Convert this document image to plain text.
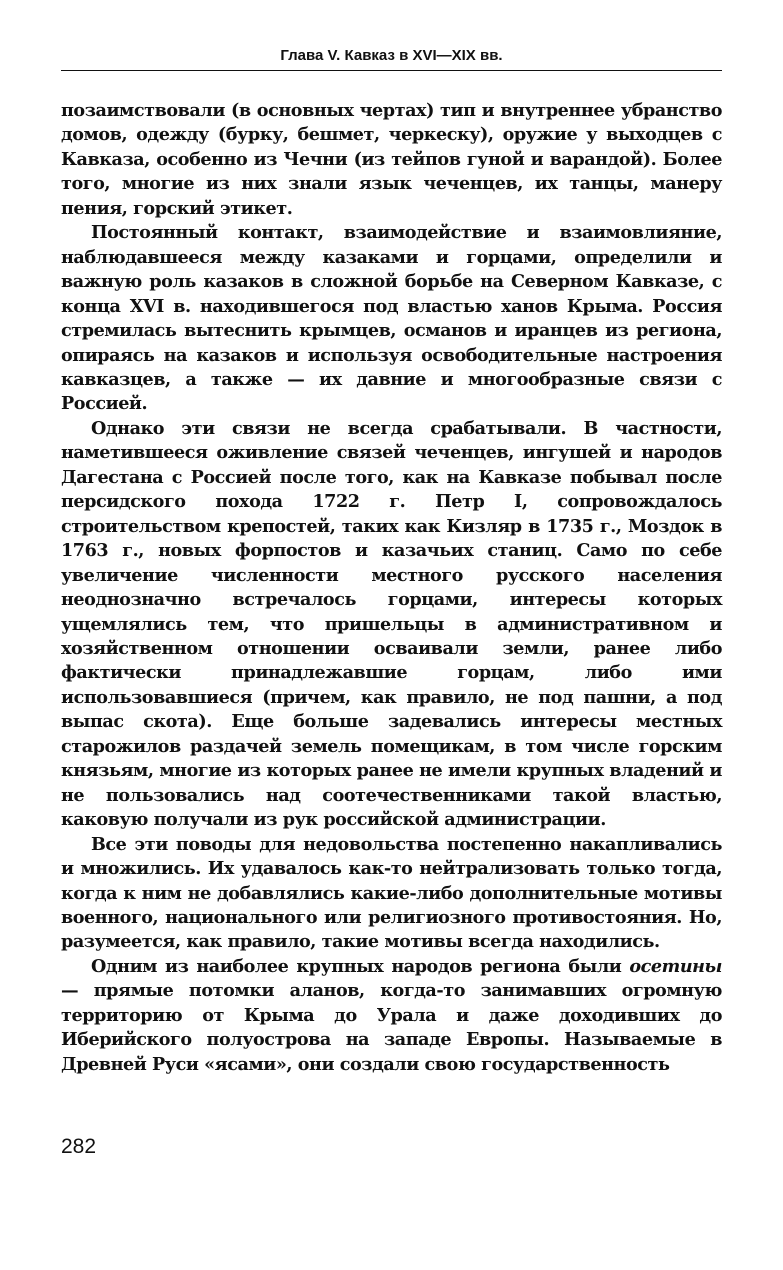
Глава V. Кавказ в XVI—XIX вв.

позаимствовали (в основных чертах) тип и внутреннее убранство домов, одежду (бурку, бешмет, черкеску), оружие у выходцев с Кавказа, особенно из Чечни (из тейпов гуной и варандой). Более того, многие из них знали язык чеченцев, их танцы, манеру пения, горский этикет.

Постоянный контакт, взаимодействие и взаимовлияние, наблюдавшееся между казаками и горцами, определили и важную роль казаков в сложной борьбе на Северном Кавказе, с конца XVI в. находившегося под властью ханов Крыма. Россия стремилась вытеснить крымцев, османов и иранцев из региона, опираясь на казаков и используя освободительные настроения кавказцев, а также — их давние и многообразные связи с Россией.

Однако эти связи не всегда срабатывали. В частности, наметившееся оживление связей чеченцев, ингушей и народов Дагестана с Россией после того, как на Кавказе побывал после персидского похода 1722 г. Петр I, сопровождалось строительством крепостей, таких как Кизляр в 1735 г., Моздок в 1763 г., новых форпостов и казачьих станиц. Само по себе увеличение численности местного русского населения неоднозначно встречалось горцами, интересы которых ущемлялись тем, что пришельцы в административном и хозяйственном отношении осваивали земли, ранее либо фактически принадлежавшие горцам, либо ими использовавшиеся (причем, как правило, не под пашни, а под выпас скота). Еще больше задевались интересы местных старожилов раздачей земель помещикам, в том числе горским князьям, многие из которых ранее не имели крупных владений и не пользовались над соотечественниками такой властью, каковую получали из рук российской администрации.

Все эти поводы для недовольства постепенно накапливались и множились. Их удавалось как-то нейтрализовать только тогда, когда к ним не добавлялись какие-либо дополнительные мотивы военного, национального или религиозного противостояния. Но, разумеется, как правило, такие мотивы всегда находились.

Одним из наиболее крупных народов региона были осетины — прямые потомки аланов, когда-то занимавших огромную территорию от Крыма до Урала и даже доходивших до Иберийского полуострова на западе Европы. Называемые в Древней Руси «ясами», они создали свою государственность

282
